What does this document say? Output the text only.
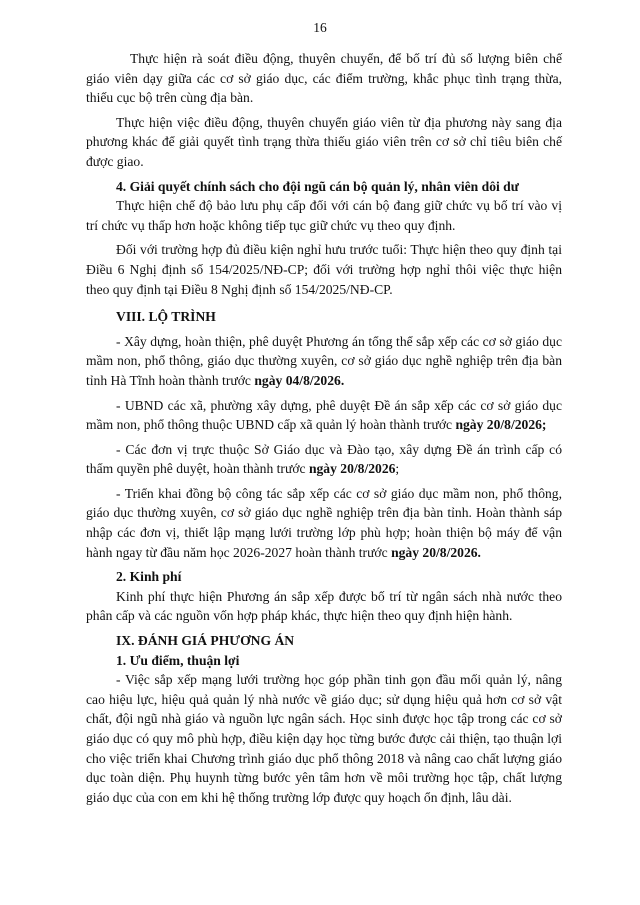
16

Thực hiện rà soát điều động, thuyên chuyển, để bố trí đủ số lượng biên chế giáo viên dạy giữa các cơ sở giáo dục, các điểm trường, khắc phục tình trạng thừa, thiếu cục bộ trên cùng địa bàn.

Thực hiện việc điều động, thuyên chuyển giáo viên từ địa phương này sang địa phương khác để giải quyết tình trạng thừa thiếu giáo viên trên cơ sở chỉ tiêu biên chế được giao.

4. Giải quyết chính sách cho đội ngũ cán bộ quản lý, nhân viên dôi dư

Thực hiện chế độ bảo lưu phụ cấp đối với cán bộ đang giữ chức vụ bố trí vào vị trí chức vụ thấp hơn hoặc không tiếp tục giữ chức vụ theo quy định.

Đối với trường hợp đủ điều kiện nghỉ hưu trước tuổi: Thực hiện theo quy định tại Điều 6 Nghị định số 154/2025/NĐ-CP; đối với trường hợp nghỉ thôi việc thực hiện theo quy định tại Điều 8 Nghị định số 154/2025/NĐ-CP.

VIII. LỘ TRÌNH

- Xây dựng, hoàn thiện, phê duyệt Phương án tổng thể sắp xếp các cơ sở giáo dục mầm non, phổ thông, giáo dục thường xuyên, cơ sở giáo dục nghề nghiệp trên địa bàn tỉnh Hà Tĩnh hoàn thành trước ngày 04/8/2026.

- UBND các xã, phường xây dựng, phê duyệt Đề án sắp xếp các cơ sở giáo dục mầm non, phổ thông thuộc UBND cấp xã quản lý hoàn thành trước ngày 20/8/2026;

- Các đơn vị trực thuộc Sở Giáo dục và Đào tạo, xây dựng Đề án trình cấp có thẩm quyền phê duyệt, hoàn thành trước ngày 20/8/2026;

- Triển khai đồng bộ công tác sắp xếp các cơ sở giáo dục mầm non, phổ thông, giáo dục thường xuyên, cơ sở giáo dục nghề nghiệp trên địa bàn tỉnh. Hoàn thành sáp nhập các đơn vị, thiết lập mạng lưới trường lớp phù hợp; hoàn thiện bộ máy để vận hành ngay từ đầu năm học 2026-2027 hoàn thành trước ngày 20/8/2026.

2. Kinh phí

Kinh phí thực hiện Phương án sắp xếp được bố trí từ ngân sách nhà nước theo phân cấp và các nguồn vốn hợp pháp khác, thực hiện theo quy định hiện hành.

IX. ĐÁNH GIÁ PHƯƠNG ÁN

1. Ưu điểm, thuận lợi

- Việc sắp xếp mạng lưới trường học góp phần tinh gọn đầu mối quản lý, nâng cao hiệu lực, hiệu quả quản lý nhà nước về giáo dục; sử dụng hiệu quả hơn cơ sở vật chất, đội ngũ nhà giáo và nguồn lực ngân sách. Học sinh được học tập trong các cơ sở giáo dục có quy mô phù hợp, điều kiện dạy học từng bước được cải thiện, tạo thuận lợi cho việc triển khai Chương trình giáo dục phổ thông 2018 và nâng cao chất lượng giáo dục toàn diện. Phụ huynh từng bước yên tâm hơn về môi trường học tập, chất lượng giáo dục của con em khi hệ thống trường lớp được quy hoạch ổn định, lâu dài.
